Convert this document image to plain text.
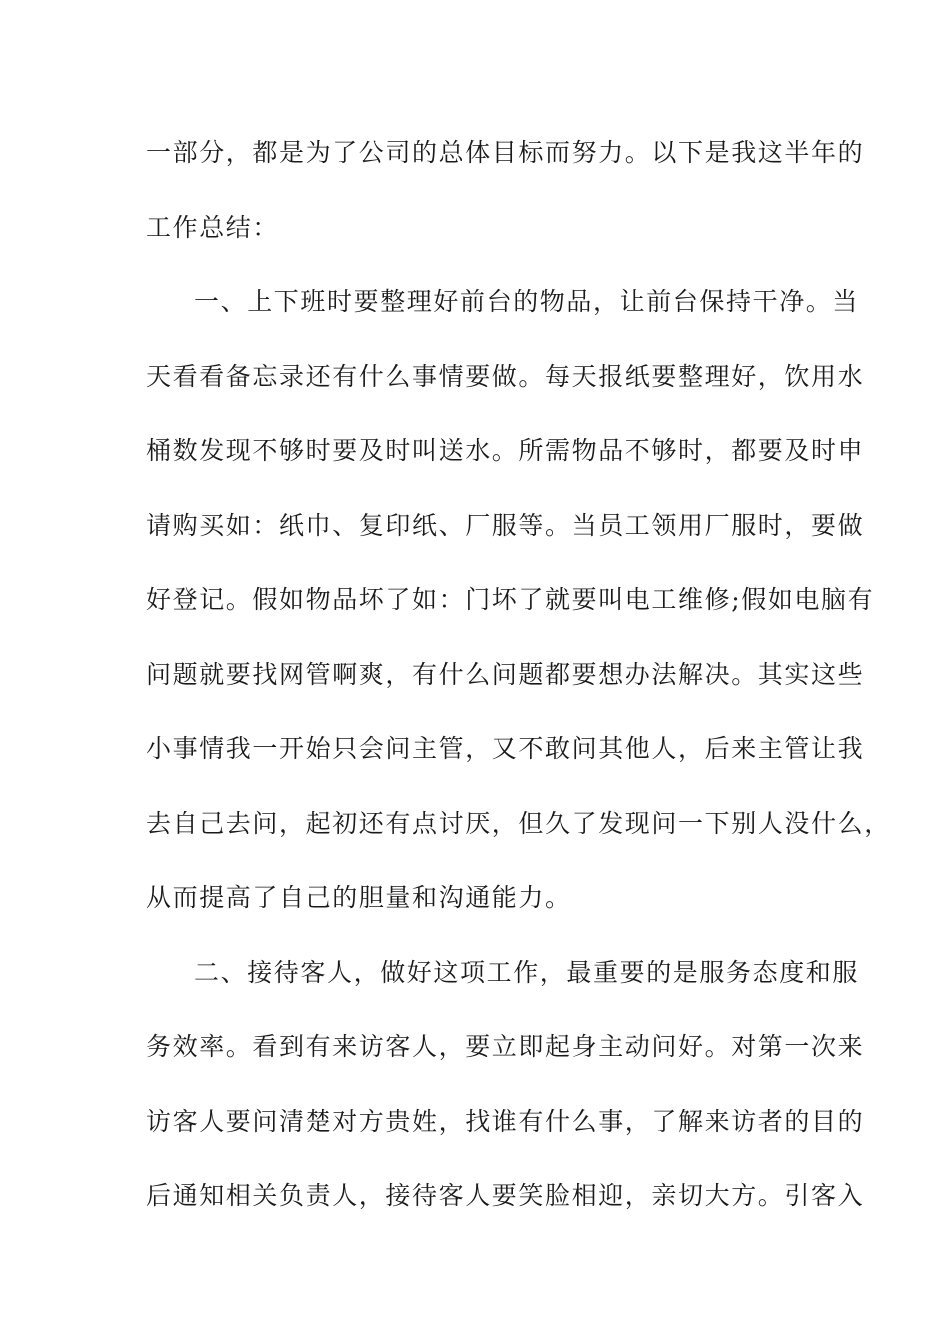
一部分，都是为了公司的总体目标而努力。以下是我这半年的
工作总结：
一、上下班时要整理好前台的物品，让前台保持干净。当
天看看备忘录还有什么事情要做。每天报纸要整理好，饮用水
桶数发现不够时要及时叫送水。所需物品不够时，都要及时申
请购买如：纸巾、复印纸、厂服等。当员工领用厂服时，要做
好登记。假如物品坏了如：门坏了就要叫电工维修;假如电脑有
问题就要找网管啊爽，有什么问题都要想办法解决。其实这些
小事情我一开始只会问主管，又不敢问其他人，后来主管让我
去自己去问，起初还有点讨厌，但久了发现问一下别人没什么，
从而提高了自己的胆量和沟通能力。
二、接待客人，做好这项工作，最重要的是服务态度和服
务效率。看到有来访客人，要立即起身主动问好。对第一次来
访客人要问清楚对方贵姓，找谁有什么事，了解来访者的目的
后通知相关负责人，接待客人要笑脸相迎，亲切大方。引客入
